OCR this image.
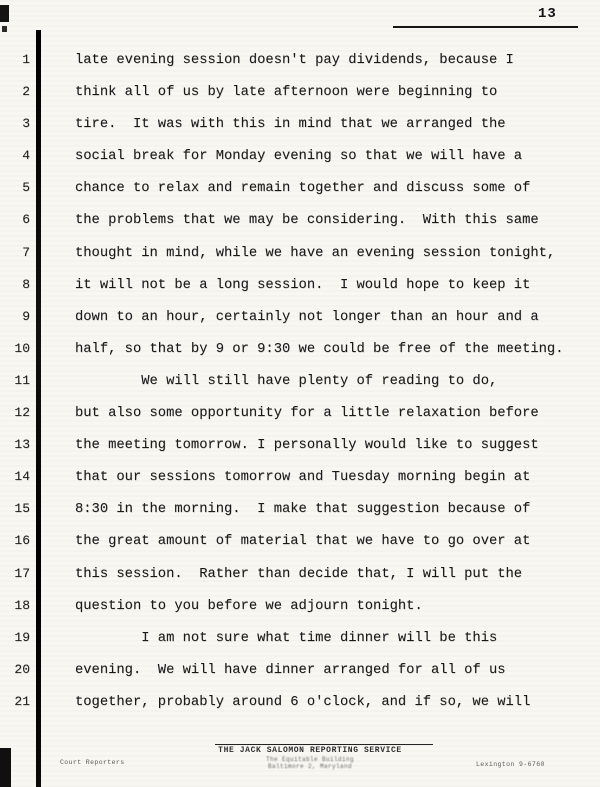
13
1	late evening session doesn't pay dividends, because I
2	think all of us by late afternoon were beginning to
3	tire.  It was with this in mind that we arranged the
4	social break for Monday evening so that we will have a
5	chance to relax and remain together and discuss some of
6	the problems that we may be considering.  With this same
7	thought in mind, while we have an evening session tonight,
8	it will not be a long session.  I would hope to keep it
9	down to an hour, certainly not longer than an hour and a
10	half, so that by 9 or 9:30 we could be free of the meeting.
11	We will still have plenty of reading to do,
12	but also some opportunity for a little relaxation before
13	the meeting tomorrow. I personally would like to suggest
14	that our sessions tomorrow and Tuesday morning begin at
15	8:30 in the morning.  I make that suggestion because of
16	the great amount of material that we have to go over at
17	this session.  Rather than decide that, I will put the
18	question to you before we adjourn tonight.
19	I am not sure what time dinner will be this
20	evening.  We will have dinner arranged for all of us
21	together, probably around 6 o'clock, and if so, we will
THE JACK SALOMON REPORTING SERVICE
The Equitable Building
Baltimore 2, Maryland
Court Reporters	Lexington 9-6760
